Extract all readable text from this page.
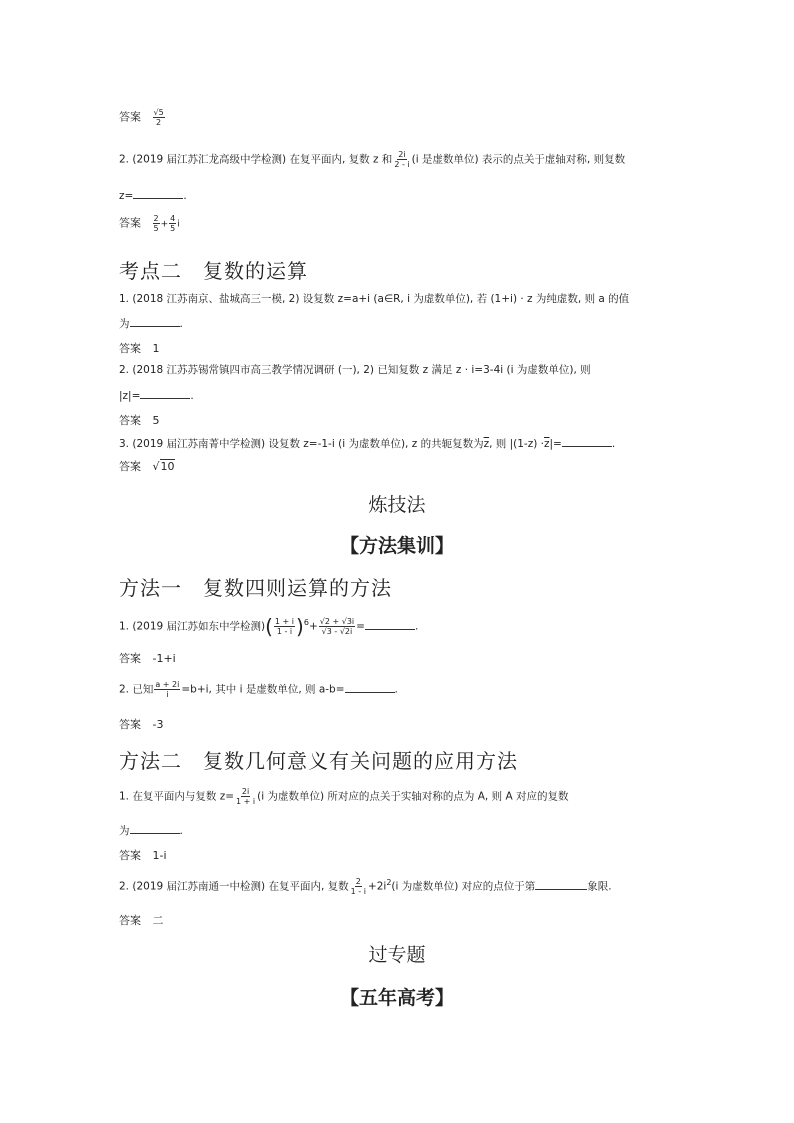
答案 $\frac{√5}{2}$
2. (2019 届江苏汇龙高级中学检测) 在复平面内, 复数 z 和 $\frac{2i}{2 - i} (i$ 是虚数单位) 表示的点关于虚轴对称, 则复数
z=	.
答案 $\frac{2}{5} + \frac{4}{5}$ i
考点二　复数的运算
1. (2018 江苏南京、盐城高三一模, 2) 设复数 z=a+i (a∈R, i 为虚数单位), 若 (1+i) · z 为纯虚数, 则 a 的值
为	.
答案 1
2. (2018 江苏苏锡常镇四市高三教学情况调研 (一), 2) 已知复数 z 满足 z · i=3-4i (i 为虚数单位), 则
|z|=	.
答案 5
3. (2019 届江苏南菁中学检测) 设复数 z=-1-i (i 为虚数单位), z 的共轭复数为$\overline{z}$, 则 $|(1-z) \cdot\overline{z}|=$	.
答案 √10
炼技法
【方法集训】
方法一　复数四则运算的方法
1. (2019 届江苏如东中学检测)( $\frac{1 + i}{1 - i} )^6+ \frac{√2 + √3i}{√3 - √2i}$ =	.
答案 -1+i
2. 已知 $\frac{a + 2i}{i} =b+i$, 其中 i 是虚数单位, 则 a-b=	.
答案 -3
方法二　复数几何意义有关问题的应用方法
1. 在复平面内与复数 $z= \frac{2i}{1 + i} (i$ 为虚数单位) 所对应的点关于实轴对称的点为 A, 则 A 对应的复数
为	.
答案 1-i
2. (2019 届江苏南通一中检测) 在复平面内, 复数 $\frac{2}{1 - i} +2i^2(i$ 为虚数单位) 对应的点位于第	象限.
答案 二
过专题
【五年高考】
